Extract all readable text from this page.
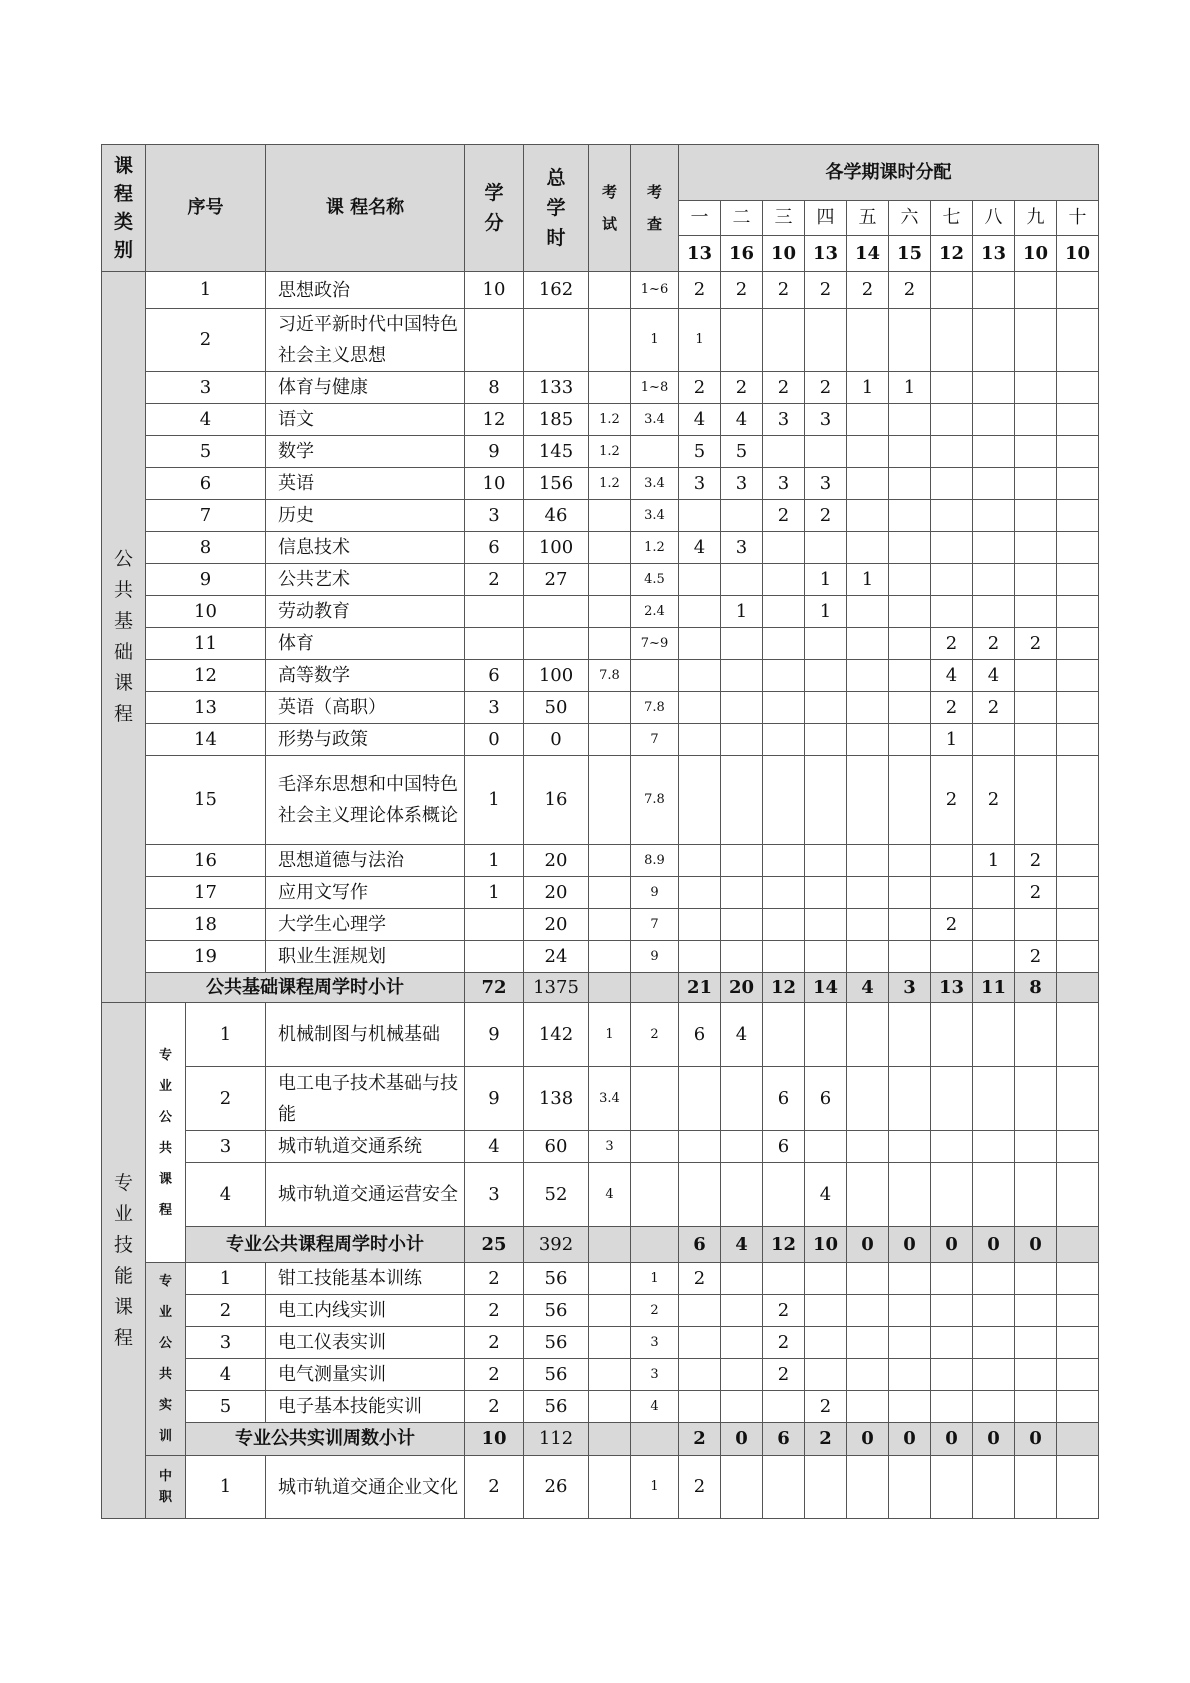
课程类别	序号		课 程名称	学分	总学时	考试	考查	各学期课时分配									
								一	二	三	四	五	六	七	八	九	十
								13	16	10	13	14	15	12	13	10	10
公共基础课程	1		思想政治	10	162		1~6	2	2	2	2	2	2				
	2		习近平新时代中国特色社会主义思想				1	1									
	3		体育与健康	8	133		1~8	2	2	2	2	1	1				
	4		语文	12	185	1.2	3.4	4	4	3	3						
	5		数学	9	145	1.2		5	5								
	6		英语	10	156	1.2	3.4	3	3	3	3						
	7		历史	3	46		3.4			2	2						
	8		信息技术	6	100		1.2	4	3								
	9		公共艺术	2	27		4.5				1	1					
	10		劳动教育				2.4		1		1						
	11		体育				7~9							2	2	2	
	12		高等数学	6	100	7.8								4	4		
	13		英语（高职）	3	50		7.8							2	2		
	14		形势与政策	0	0		7							1			
	15		毛泽东思想和中国特色社会主义理论体系概论	1	16		7.8							2	2		
	16		思想道德与法治	1	20		8.9								1	2	
	17		应用文写作	1	20		9									2	
	18		大学生心理学		20		7							2			
	19		职业生涯规划		24		9									2	
	公共基础课程周学时小计			72	1375			21	20	12	14	4	3	13	11	8	
专业技能课程	专业公共课程	1	机械制图与机械基础	9	142	1	2	6	4								
		2	电工电子技术基础与技能	9	138	3.4				6	6						
		3	城市轨道交通系统	4	60	3				6							
		4	城市轨道交通运营安全	3	52	4					4						
		专业公共课程周学时小计		25	392			6	4	12	10	0	0	0	0	0	
	专业公共实训	1	钳工技能基本训练	2	56		1	2									
		2	电工内线实训	2	56		2			2							
		3	电工仪表实训	2	56		3			2							
		4	电气测量实训	2	56		3			2							
		5	电子基本技能实训	2	56		4				2						
		专业公共实训周数小计		10	112			2	0	6	2	0	0	0	0	0	
	中职	1	城市轨道交通企业文化	2	26		1	2									
